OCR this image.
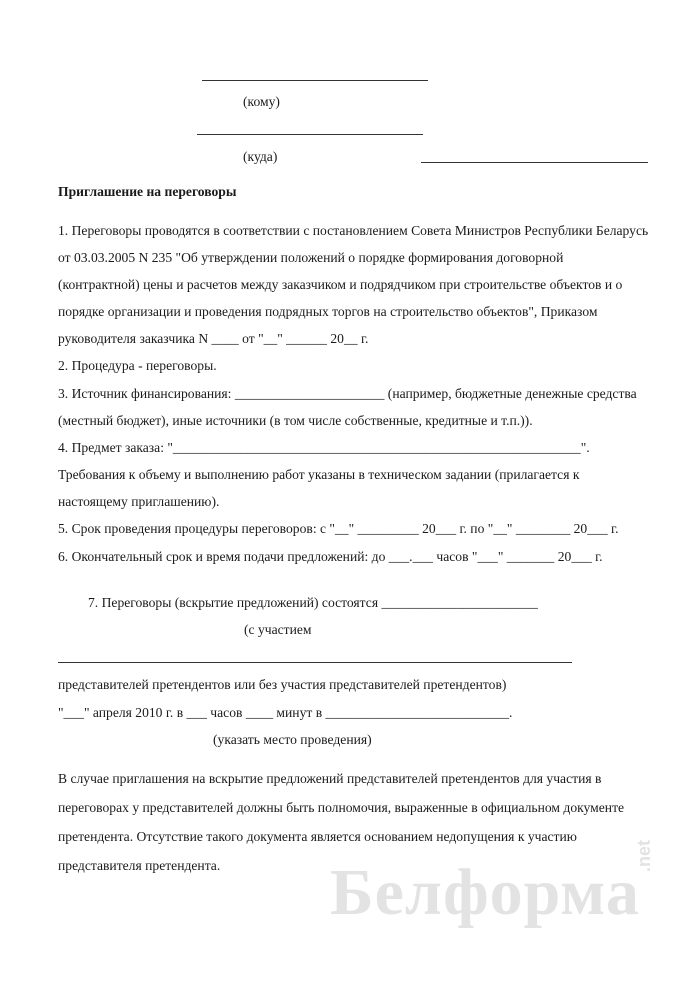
(кому)
(куда)
Приглашение на переговоры
1. Переговоры проводятся в соответствии с постановлением Совета Министров Республики Беларусь
от 03.03.2005 N 235 "Об утверждении положений о порядке формирования договорной
(контрактной) цены и расчетов между заказчиком и подрядчиком при строительстве объектов и о
порядке организации и проведения подрядных торгов на строительство объектов", Приказом
руководителя заказчика N ____ от "__" ______ 20__ г.
2. Процедура - переговоры.
3. Источник финансирования: ______________________ (например, бюджетные денежные средства
(местный бюджет), иные источники (в том числе собственные, кредитные и т.п.)).
4. Предмет заказа: "____________________________________________________________".
Требования к объему и выполнению работ указаны в техническом задании (прилагается к
настоящему приглашению).
5. Срок проведения процедуры переговоров: с "__" _________ 20___ г. по "__" ________ 20___ г.
6. Окончательный срок и время подачи предложений: до ___.___ часов "___" _______ 20___ г.
7. Переговоры (вскрытие предложений) состоятся _______________________
(с участием
представителей претендентов или без участия представителей претендентов)
"___" апреля 2010 г. в ___ часов ____ минут в ___________________________.
(указать место проведения)
В случае приглашения на вскрытие предложений представителей претендентов для участия в
переговорах у представителей должны быть полномочия, выраженные в официальном документе
претендента. Отсутствие такого документа является основанием недопущения к участию
представителя претендента. Белформа
.net
